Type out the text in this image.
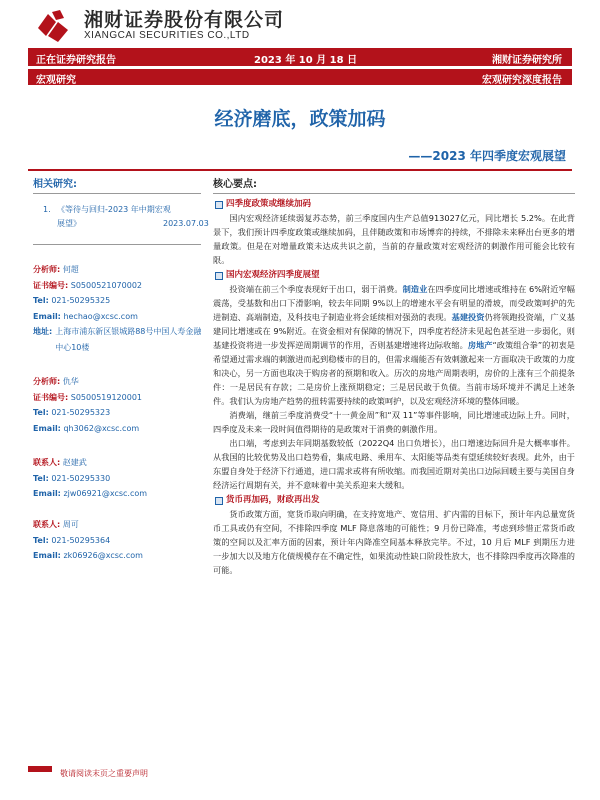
湘财证券股份有限公司
XIANGCAI SECURITIES CO.,LTD
正在证券研究报告	2023 年 10 月 18 日	湘财证券研究所
宏观研究	宏观研究深度报告
经济磨底，政策加码
——2023 年四季度宏观展望
相关研究:
1. 《等待与回归-2023 年中期宏观展望》	2023.07.03
分析师: 何超
证书编号: S0500521070002
Tel: 021-50295325
Email: hechao@xcsc.com
地址: 上海市浦东新区银城路88号中国人寿金融中心10楼
分析师: 仇华
证书编号: S0500519120001
Tel: 021-50295323
Email: qh3062@xcsc.com
联系人: 赵建武
Tel: 021-50295330
Email: zjw06921@xcsc.com
联系人: 周可
Tel: 021-50295364
Email: zk06926@xcsc.com
核心要点:
四季度政策或继续加码

国内宏观经济延续弱复苏态势，前三季度国内生产总值913027亿元，同比增长 5.2%。在此背景下，我们预计四季度政策或继续加码，且伴随政策和市场博弈的持续，不排除未来释出台更多的增量政策。但是在对增量政策未达成共识之前，当前的存量政策对宏观经济的刺激作用可能会比较有限。

国内宏观经济四季度展望

投资端在前三个季度表现好于出口，弱于消费。制造业在四季度同比增速或维持在 6%附近窄幅震荡，受基数和出口下滑影响，较去年同期 9%以上的增速水平会有明显的滑坡，而受政策呵护的先进制造、高端制造，及科技电子制造业将会延续相对强劲的表现。基建投资仍将领跑投资端，广义基建同比增速或在 9%附近。在资金相对有保障的情况下，四季度若经济未见起色甚至进一步弱化，则基建投资将进一步发挥逆周期调节的作用，否则基建增速将边际收缩。房地产“政策组合拳”的初衷是希望通过需求端的刺激进而起到稳楼市的目的，但需求端能否有效刺激起来一方面取决于政策的力度和决心，另一方面也取决于购房者的预期和收入。历次的房地产周期表明，房价的上涨有三个前提条件：一是居民有存款；二是房价上涨预期稳定；三是居民敢于负债。当前市场环境并不满足上述条件。我们认为房地产趋势的扭转需要持续的政策呵护，以及宏观经济环境的整体回暖。

消费端，继前三季度消费受“十一黄金周”和“双 11”等事件影响，同比增速或边际上升。同时，四季度及未来一段时间值得期待的是政策对于消费的刺激作用。

出口端，考虑到去年同期基数较低（2022Q4 出口负增长），出口增速边际回升是大概率事件。从我国的比较优势及出口趋势看，集成电路、乘用车、太阳能等品类有望延续较好表现。此外，由于东盟自身处于经济下行通道，进口需求或将有所收缩。而我国近期对美出口边际回暖主要与美国自身经济运行周期有关，并不意味着中美关系迎来大缓和。

货币再加码，财政再出发

货币政策方面，宽货币取向明确，在支持宽地产、宽信用、扩内需的目标下，预计年内总量宽货币工具或仍有空间，不排除四季度 MLF 降息落地的可能性；9 月份已降准，考虑到珍惜正常货币政策的空间以及汇率方面的因素，预计年内降准空间基本释放完毕。不过，10 月后 MLF 到期压力进一步加大以及地方化债规模存在不确定性，如果流动性缺口阶段性放大，也不排除四季度再次降准的可能。

敬请阅读末页之重要声明
